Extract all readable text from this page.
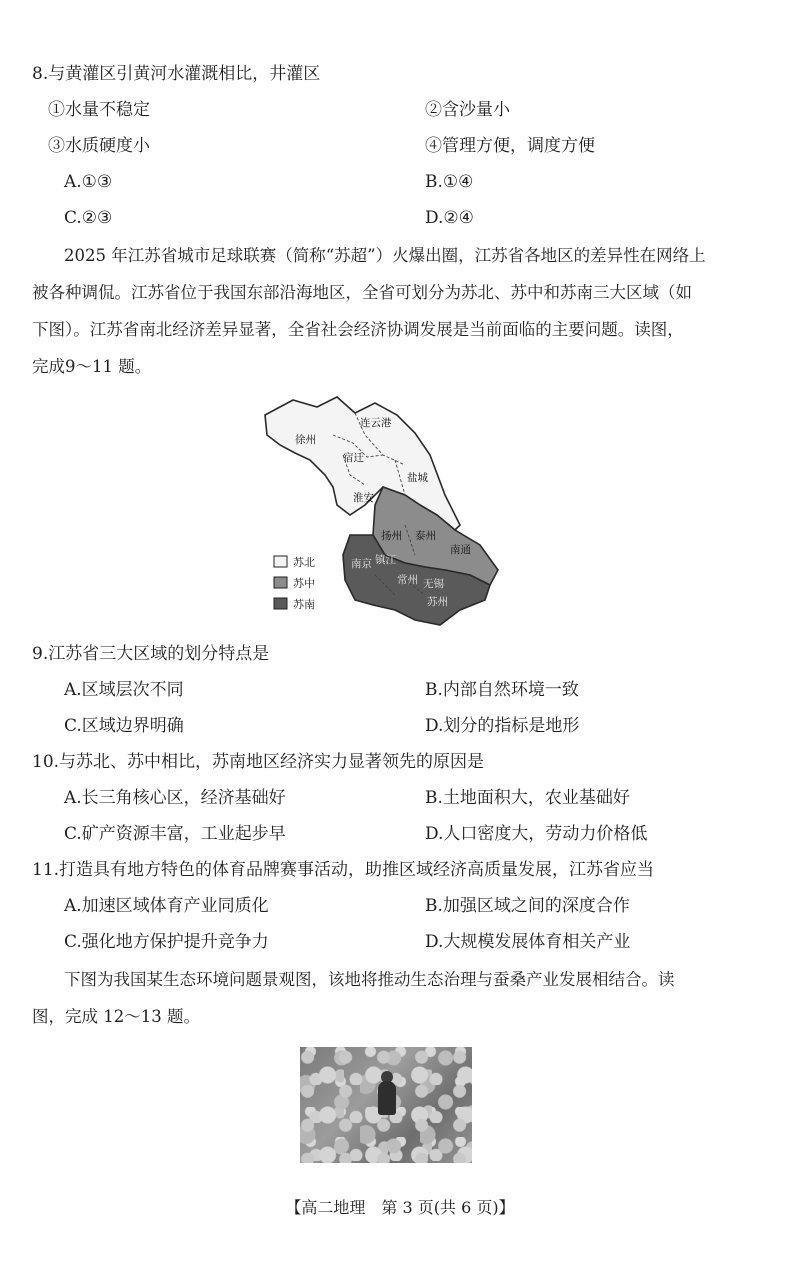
8.与黄灌区引黄河水灌溉相比，井灌区
①水量不稳定	②含沙量小
③水质硬度小	④管理方便，调度方便
A.①③	B.①④
C.②③	D.②④
2025 年江苏省城市足球联赛（简称“苏超”）火爆出圈，江苏省各地区的差异性在网络上
被各种调侃。江苏省位于我国东部沿海地区，全省可划分为苏北、苏中和苏南三大区域（如
下图）。江苏省南北经济差异显著，全省社会经济协调发展是当前面临的主要问题。读图，
完成9～11 题。
连云港
徐州
宿迁
盐城
淮安
扬州 泰州
南通
南京 镇江
常州 无锡
苏州
苏北
苏中
苏南
9.江苏省三大区域的划分特点是
A.区域层次不同	B.内部自然环境一致
C.区域边界明确	D.划分的指标是地形
10.与苏北、苏中相比，苏南地区经济实力显著领先的原因是
A.长三角核心区，经济基础好	B.土地面积大，农业基础好
C.矿产资源丰富，工业起步早	D.人口密度大，劳动力价格低
11.打造具有地方特色的体育品牌赛事活动，助推区域经济高质量发展，江苏省应当
A.加速区域体育产业同质化	B.加强区域之间的深度合作
C.强化地方保护提升竞争力	D.大规模发展体育相关产业
下图为我国某生态环境问题景观图，该地将推动生态治理与蚕桑产业发展相结合。读
图，完成 12～13 题。
【高二地理　第 3 页(共 6 页)】
